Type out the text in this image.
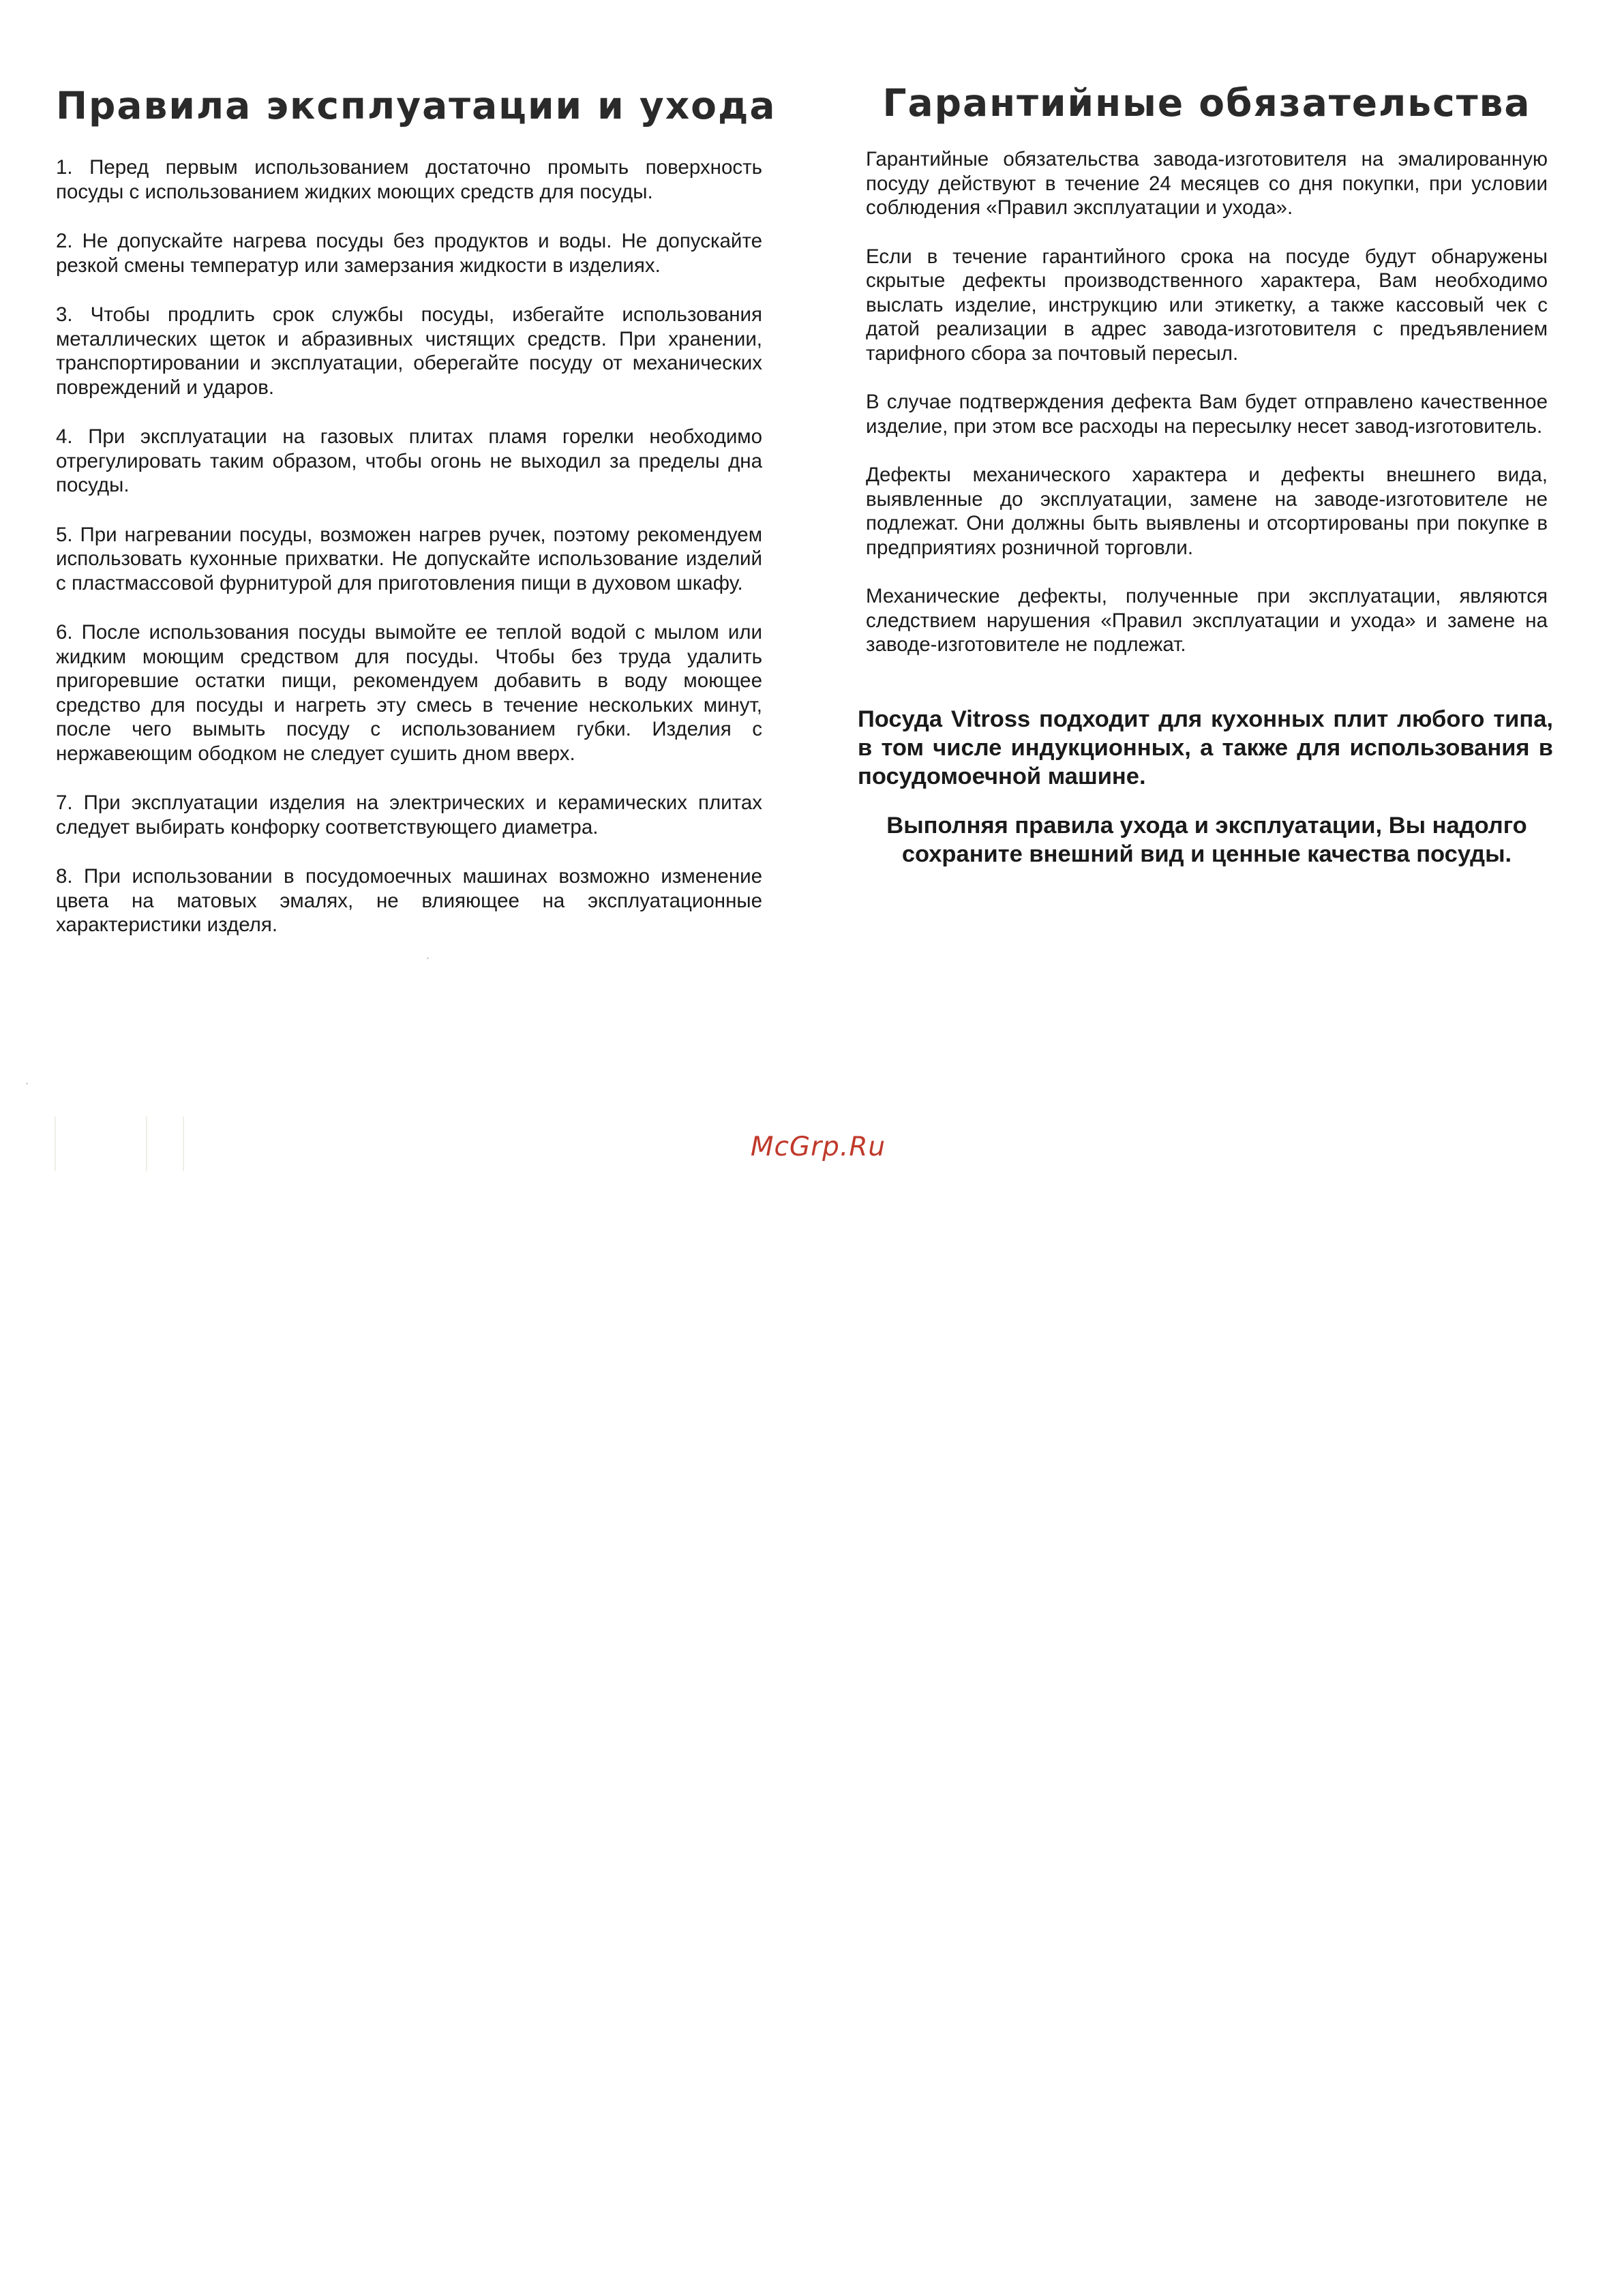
Правила эксплуатации и ухода

1. Перед первым использованием достаточно промыть поверхность посуды с использованием жидких моющих средств для посуды.

2. Не допускайте нагрева посуды без продуктов и воды. Не допускайте резкой смены температур или замерзания жидкости в изделиях.

3. Чтобы продлить срок службы посуды, избегайте использования металлических щеток и абразивных чистящих средств. При хранении, транспортировании и эксплуатации, оберегайте посуду от механических повреждений и ударов.

4. При эксплуатации на газовых плитах пламя горелки необходимо отрегулировать таким образом, чтобы огонь не выходил за пределы дна посуды.

5. При нагревании посуды, возможен нагрев ручек, поэтому рекомендуем использовать кухонные прихватки. Не допускайте использование изделий с пластмассовой фурнитурой для приготовления пищи в духовом шкафу.

6. После использования посуды вымойте ее теплой водой с мылом или жидким моющим средством для посуды. Чтобы без труда удалить пригоревшие остатки пищи, рекомендуем добавить в воду моющее средство для посуды и нагреть эту смесь в течение нескольких минут, после чего вымыть посуду с использованием губки. Изделия с нержавеющим ободком не следует сушить дном вверх.

7. При эксплуатации изделия на электрических и керамических плитах следует выбирать конфорку соответствующего диаметра.

8. При использовании в посудомоечных машинах возможно изменение цвета на матовых эмалях, не влияющее на эксплуатационные характеристики изделя.

Гарантийные обязательства

Гарантийные обязательства завода-изготовителя на эмалированную посуду действуют в течение 24 месяцев со дня покупки, при условии соблюдения «Правил эксплуатации и ухода».

Если в течение гарантийного срока на посуде будут обнаружены скрытые дефекты производственного характера, Вам необходимо выслать изделие, инструкцию или этикетку, а также кассовый чек с датой реализации в адрес завода-изготовителя с предъявлением тарифного сбора за почтовый пересыл.

В случае подтверждения дефекта Вам будет отправлено качественное изделие, при этом все расходы на пересылку несет завод-изготовитель.

Дефекты механического характера и дефекты внешнего вида, выявленные до эксплуатации, замене на заводе-изготовителе не подлежат. Они должны быть выявлены и отсортированы при покупке в предприятиях розничной торговли.

Механические дефекты, полученные при эксплуатации, являются следствием нарушения «Правил эксплуатации и ухода» и замене на заводе-изготовителе не подлежат.

Посуда Vitross подходит для кухонных плит любого типа, в том числе индукционных, а также для использования в посудомоечной машине.

Выполняя правила ухода и эксплуатации, Вы надолго сохраните внешний вид и ценные качества посуды.

McGrp.Ru
